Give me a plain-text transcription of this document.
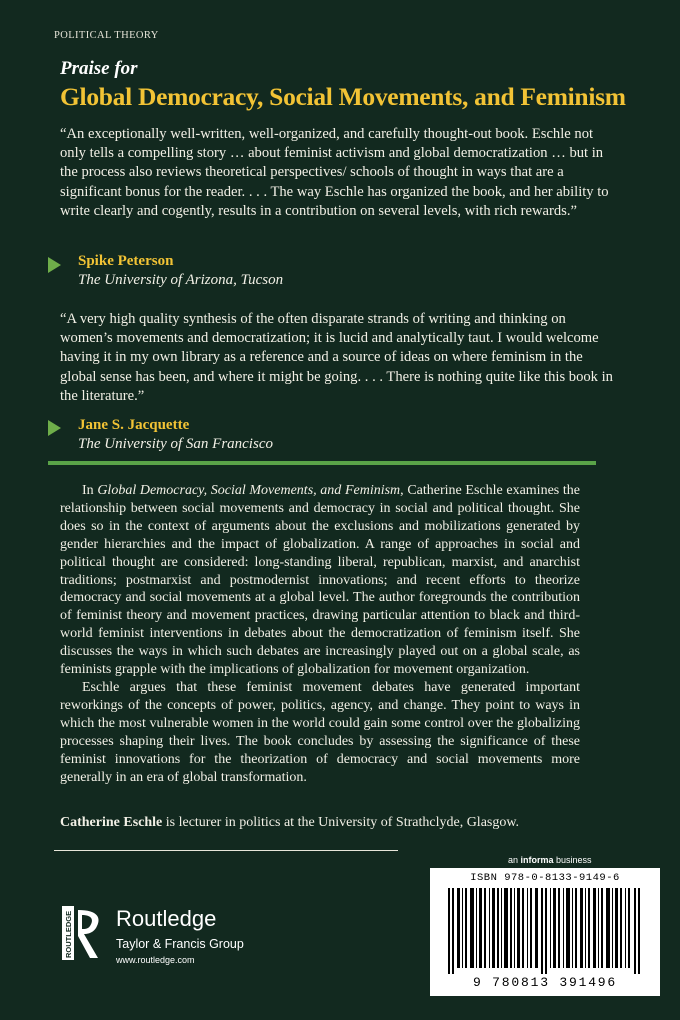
POLITICAL THEORY
Praise for
Global Democracy, Social Movements, and Feminism
“An exceptionally well-written, well-organized, and carefully thought-out book. Eschle not only tells a compelling story … about feminist activism and global democratization … but in the process also reviews theoretical perspectives/ schools of thought in ways that are a significant bonus for the reader. . . . The way Eschle has organized the book, and her ability to write clearly and cogently, results in a contribution on several levels, with rich rewards.”
Spike Peterson
The University of Arizona, Tucson
“A very high quality synthesis of the often disparate strands of writing and thinking on women’s movements and democratization; it is lucid and analytically taut. I would welcome having it in my own library as a reference and a source of ideas on where feminism in the global sense has been, and where it might be going. . . . There is nothing quite like this book in the literature.”
Jane S. Jacquette
The University of San Francisco

In Global Democracy, Social Movements, and Feminism, Catherine Eschle examines the relationship between social movements and democracy in social and political thought. She does so in the context of arguments about the exclusions and mobilizations generated by gender hierarchies and the impact of globalization. A range of approaches in social and political thought are considered: long-standing liberal, republican, marxist, and anarchist traditions; postmarxist and postmodernist innovations; and recent efforts to theorize democracy and social movements at a global level. The author foregrounds the contribution of feminist theory and movement practices, drawing particular attention to black and third-world feminist interventions in debates about the democratization of feminism itself. She discusses the ways in which such debates are increasingly played out on a global scale, as feminists grapple with the implications of globalization for movement organization.

Eschle argues that these feminist movement debates have generated important reworkings of the concepts of power, politics, agency, and change. They point to ways in which the most vulnerable women in the world could gain some control over the globalizing processes shaping their lives. The book concludes by assessing the significance of these feminist innovations for the theorization of democracy and social movements more generally in an era of global transformation.

Catherine Eschle is lecturer in politics at the University of Strathclyde, Glasgow.
an informa business
ISBN 978-0-8133-9149-6
9 780813 391496
ROUTLEDGE Routledge
Taylor & Francis Group
www.routledge.com
